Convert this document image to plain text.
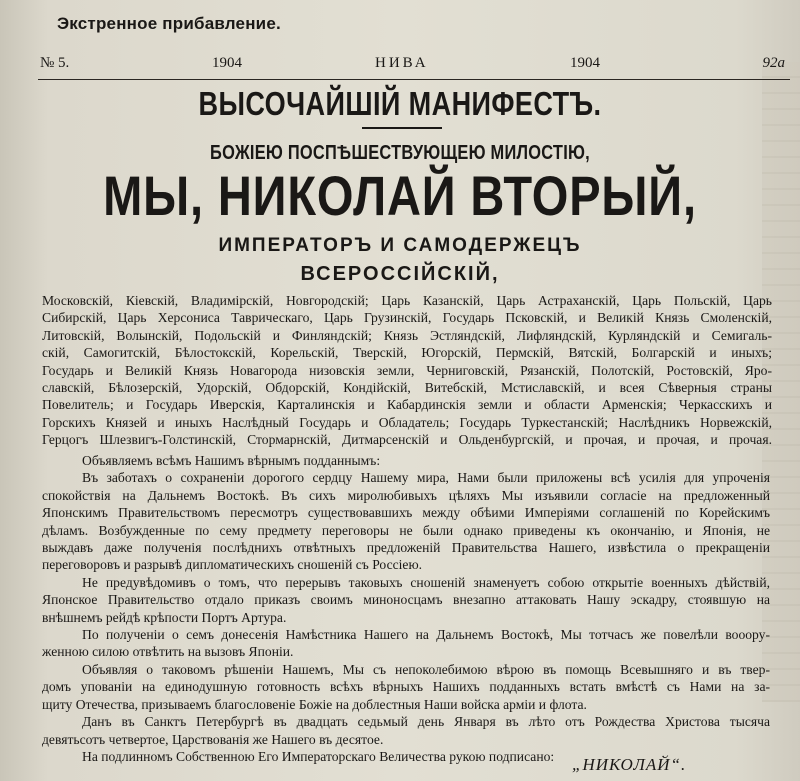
Экстренное прибавление.
№ 5.	1904	НИВА	1904	92а
ВЫСОЧАЙШІЙ МАНИФЕСТЪ.
БОЖІЕЮ ПОСПѢШЕСТВУЮЩЕЮ МИЛОСТІЮ,
МЫ, НИКОЛАЙ ВТОРЫЙ,
ИМПЕРАТОРЪ И САМОДЕРЖЕЦЪ
ВСЕРОССІЙСКІЙ,

Московскій, Кіевскій, Владимірскій, Новгородскій; Царь Казанскій, Царь Астраханскій, Царь Польскій, Царь

Сибирскій, Царь Херсониса Таврическаго, Царь Грузинскій, Государь Псковскій, и Великій Князь Смоленскій,

Литовскій, Волынскій, Подольскій и Финляндскій; Князь Эстляндскій, Лифляндскій, Курляндскій и Семигаль-

скій, Самогитскій, Бѣлостокскій, Корельскій, Тверскій, Югорскій, Пермскій, Вятскій, Болгарскій и иныхъ;

Государь и Великій Князь Новагорода низовскія земли, Черниговскій, Рязанскій, Полотскій, Ростовскій, Яро-

славскій, Бѣлозерскій, Удорскій, Обдорскій, Кондійскій, Витебскій, Мстиславскій, и всея Сѣверныя страны

Повелитель; и Государь Иверскія, Карталинскія и Кабардинскія земли и области Арменскія; Черкасскихъ и

Горскихъ Князей и иныхъ Наслѣдный Государь и Обладатель; Государь Туркестанскій; Наслѣдникъ Норвежскій,

Герцогъ Шлезвигъ-Голстинскій, Стормарнскій, Дитмарсенскій и Ольденбургскій, и прочая, и прочая, и прочая.

Объявляемъ всѣмъ Нашимъ вѣрнымъ подданнымъ:
Въ заботахъ о сохраненіи дорогого сердцу Нашему мира, Нами были приложены всѣ усилія для упроченія
спокойствія на Дальнемъ Востокѣ. Въ сихъ миролюбивыхъ цѣляхъ Мы изъявили согласіе на предложенный
Японскимъ Правительствомъ пересмотръ существовавшихъ между обѣими Имперіями соглашеній по Корейскимъ
дѣламъ. Возбужденные по сему предмету переговоры не были однако приведены къ окончанію, и Японія, не
выждавъ даже полученія послѣднихъ отвѣтныхъ предложеній Правительства Нашего, извѣстила о прекращеніи
переговоровъ и разрывѣ дипломатическихъ сношеній съ Россіею.
Не предувѣдомивъ о томъ, что перерывъ таковыхъ сношеній знаменуетъ собою открытіе военныхъ дѣйствій,
Японское Правительство отдало приказъ своимъ миноносцамъ внезапно аттаковать Нашу эскадру, стоявшую на
внѣшнемъ рейдѣ крѣпости Портъ Артура.
По полученіи о семъ донесенія Намѣстника Нашего на Дальнемъ Востокѣ, Мы тотчасъ же повелѣли вооору-
женною силою отвѣтить на вызовъ Японіи.
Объявляя о таковомъ рѣшеніи Нашемъ, Мы съ непоколебимою вѣрою въ помощь Всевышняго и въ твер-
домъ упованіи на единодушную готовность всѣхъ вѣрныхъ Нашихъ подданныхъ встать вмѣстѣ съ Нами на за-
щиту Отечества, призываемъ благословеніе Божіе на доблестныя Наши войска арміи и флота.
Данъ въ Санктъ Петербургѣ въ двадцать седьмый день Января въ лѣто отъ Рождества Христова тысяча
девятьсотъ четвертое, Царствованія же Нашего въ десятое.
На подлинномъ Собственною Его Императорскаго Величества рукою подписано:	„НИКОЛАЙ“.
